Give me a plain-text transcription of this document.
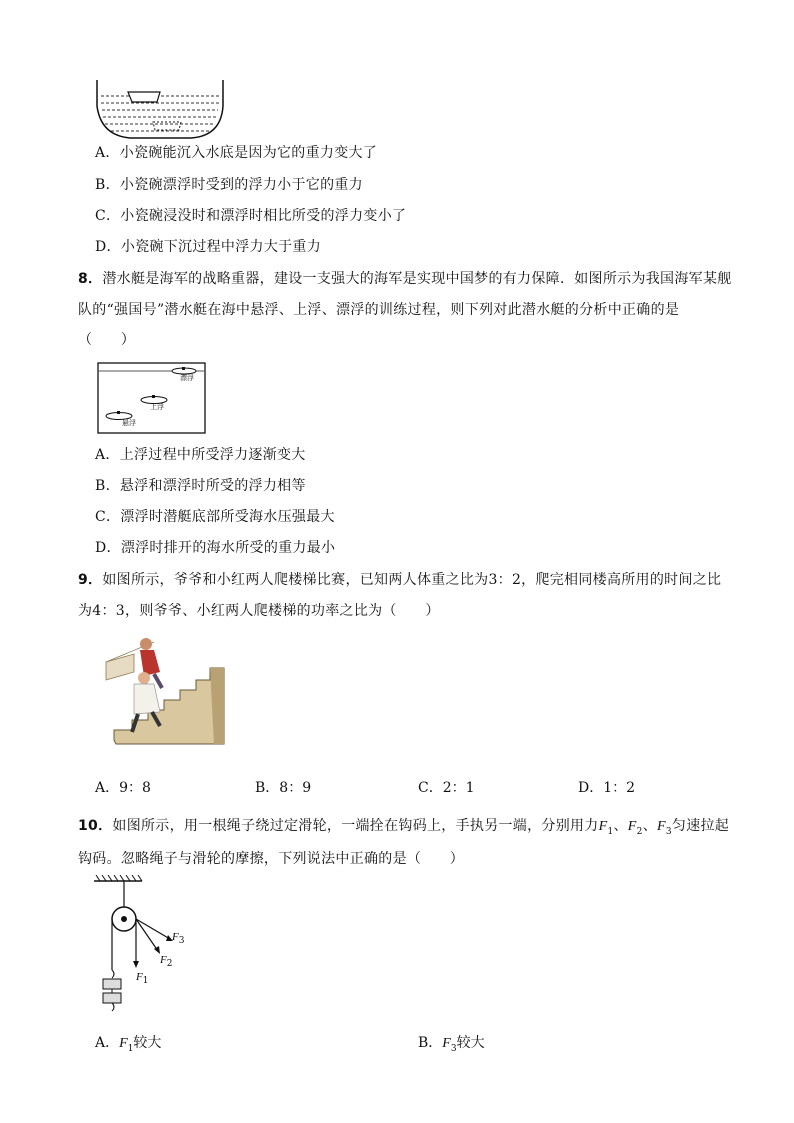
A．小瓷碗能沉入水底是因为它的重力变大了
B．小瓷碗漂浮时受到的浮力小于它的重力
C．小瓷碗浸没时和漂浮时相比所受的浮力变小了
D．小瓷碗下沉过程中浮力大于重力
8．潜水艇是海军的战略重器，建设一支强大的海军是实现中国梦的有力保障．如图所示为我国海军某舰
队的“强国号”潜水艇在海中悬浮、上浮、漂浮的训练过程，则下列对此潜水艇的分析中正确的是
（　　）
漂浮
上浮
悬浮
A．上浮过程中所受浮力逐渐变大
B．悬浮和漂浮时所受的浮力相等
C．漂浮时潜艇底部所受海水压强最大
D．漂浮时排开的海水所受的重力最小
9．如图所示，爷爷和小红两人爬楼梯比赛，已知两人体重之比为3：2，爬完相同楼高所用的时间之比
为4：3，则爷爷、小红两人爬楼梯的功率之比为（　　）
A．9：8	B．8：9	C．2：1	D．1：2
10．如图所示，用一根绳子绕过定滑轮，一端拴在钩码上，手执另一端，分别用力$F_1$、$F_2$、$F_3$匀速拉起
钩码。忽略绳子与滑轮的摩擦，下列说法中正确的是（　　）
$F_1$
$F_2$
$F_3$
A．$F_1$较大	B．$F_3$较大
